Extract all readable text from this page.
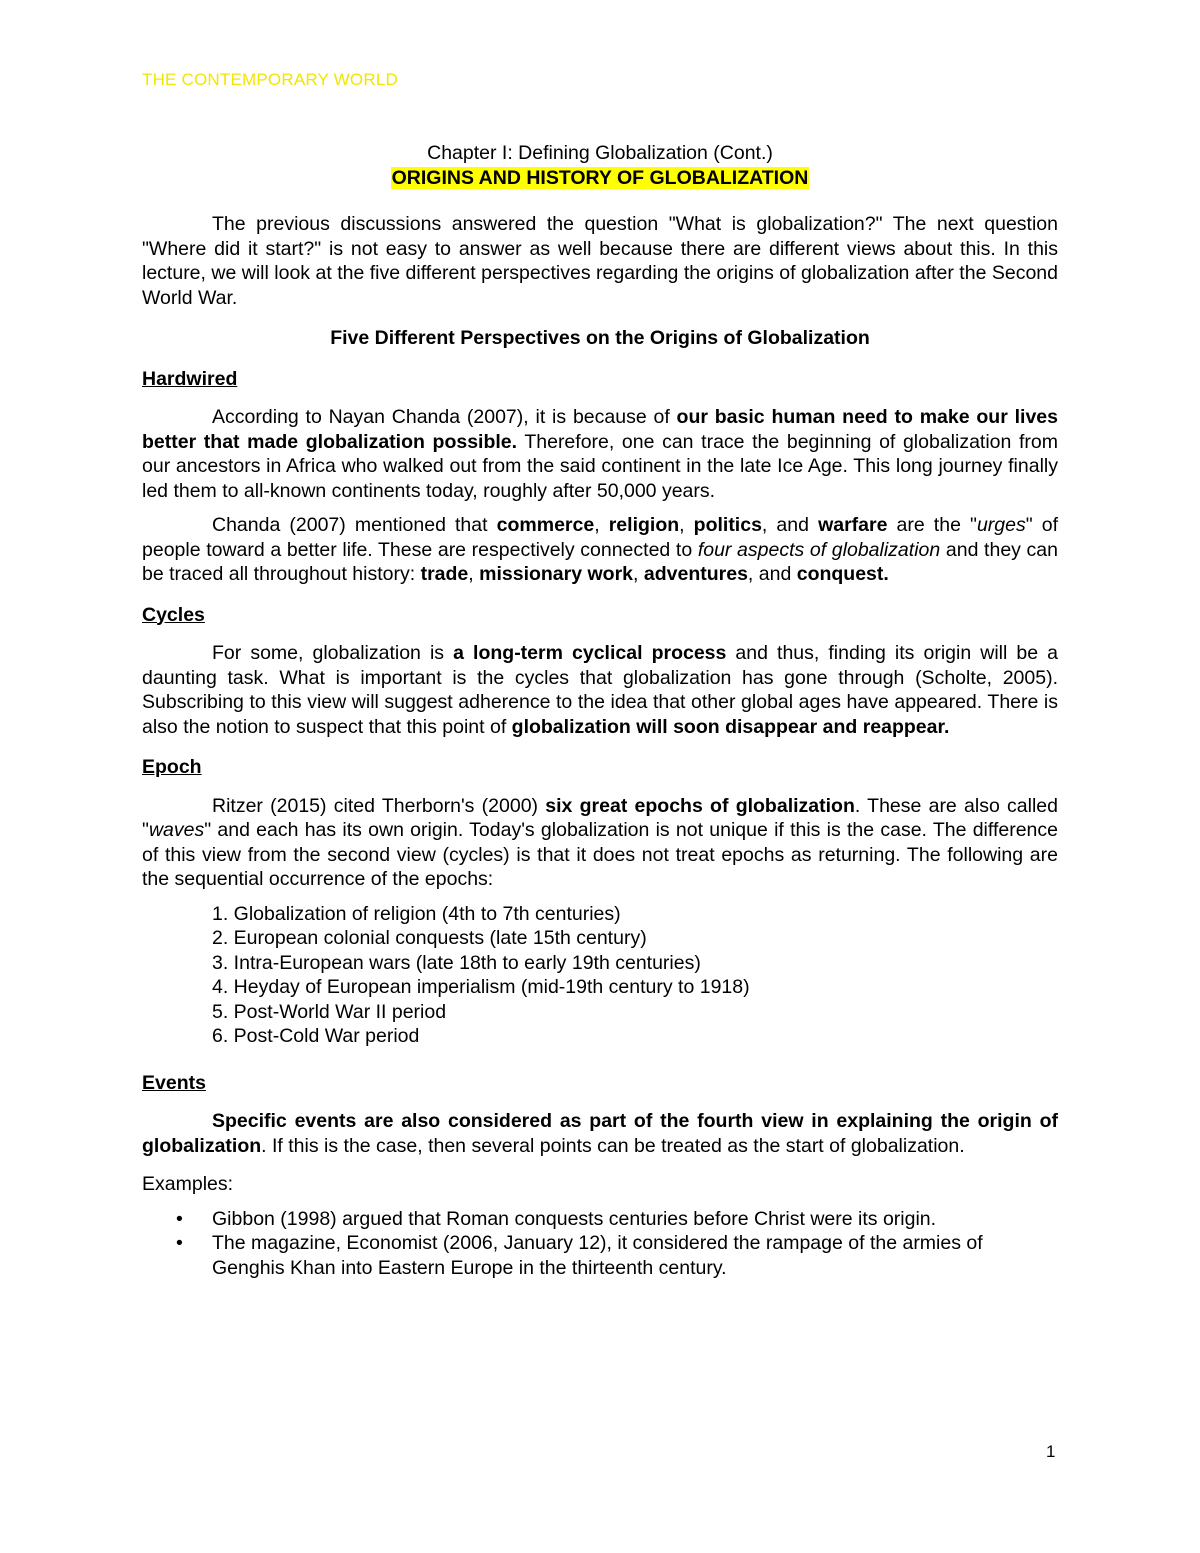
THE CONTEMPORARY WORLD

Chapter I: Defining Globalization (Cont.)

ORIGINS AND HISTORY OF GLOBALIZATION

The previous discussions answered the question "What is globalization?" The next question "Where did it start?" is not easy to answer as well because there are different views about this. In this lecture, we will look at the five different perspectives regarding the origins of globalization after the Second World War.

Five Different Perspectives on the Origins of Globalization

Hardwired

According to Nayan Chanda (2007), it is because of our basic human need to make our lives better that made globalization possible. Therefore, one can trace the beginning of globalization from our ancestors in Africa who walked out from the said continent in the late Ice Age. This long journey finally led them to all-known continents today, roughly after 50,000 years.

Chanda (2007) mentioned that commerce, religion, politics, and warfare are the "urges" of people toward a better life. These are respectively connected to four aspects of globalization and they can be traced all throughout history: trade, missionary work, adventures, and conquest.

Cycles

For some, globalization is a long-term cyclical process and thus, finding its origin will be a daunting task. What is important is the cycles that globalization has gone through (Scholte, 2005). Subscribing to this view will suggest adherence to the idea that other global ages have appeared. There is also the notion to suspect that this point of globalization will soon disappear and reappear.

Epoch

Ritzer (2015) cited Therborn's (2000) six great epochs of globalization. These are also called "waves" and each has its own origin. Today's globalization is not unique if this is the case. The difference of this view from the second view (cycles) is that it does not treat epochs as returning. The following are the sequential occurrence of the epochs:

1. Globalization of religion (4th to 7th centuries)
2. European colonial conquests (late 15th century)
3. Intra-European wars (late 18th to early 19th centuries)
4. Heyday of European imperialism (mid-19th century to 1918)
5. Post-World War II period
6. Post-Cold War period

Events

Specific events are also considered as part of the fourth view in explaining the origin of globalization. If this is the case, then several points can be treated as the start of globalization.

Examples:

• Gibbon (1998) argued that Roman conquests centuries before Christ were its origin.
• The magazine, Economist (2006, January 12), it considered the rampage of the armies of Genghis Khan into Eastern Europe in the thirteenth century.
1
